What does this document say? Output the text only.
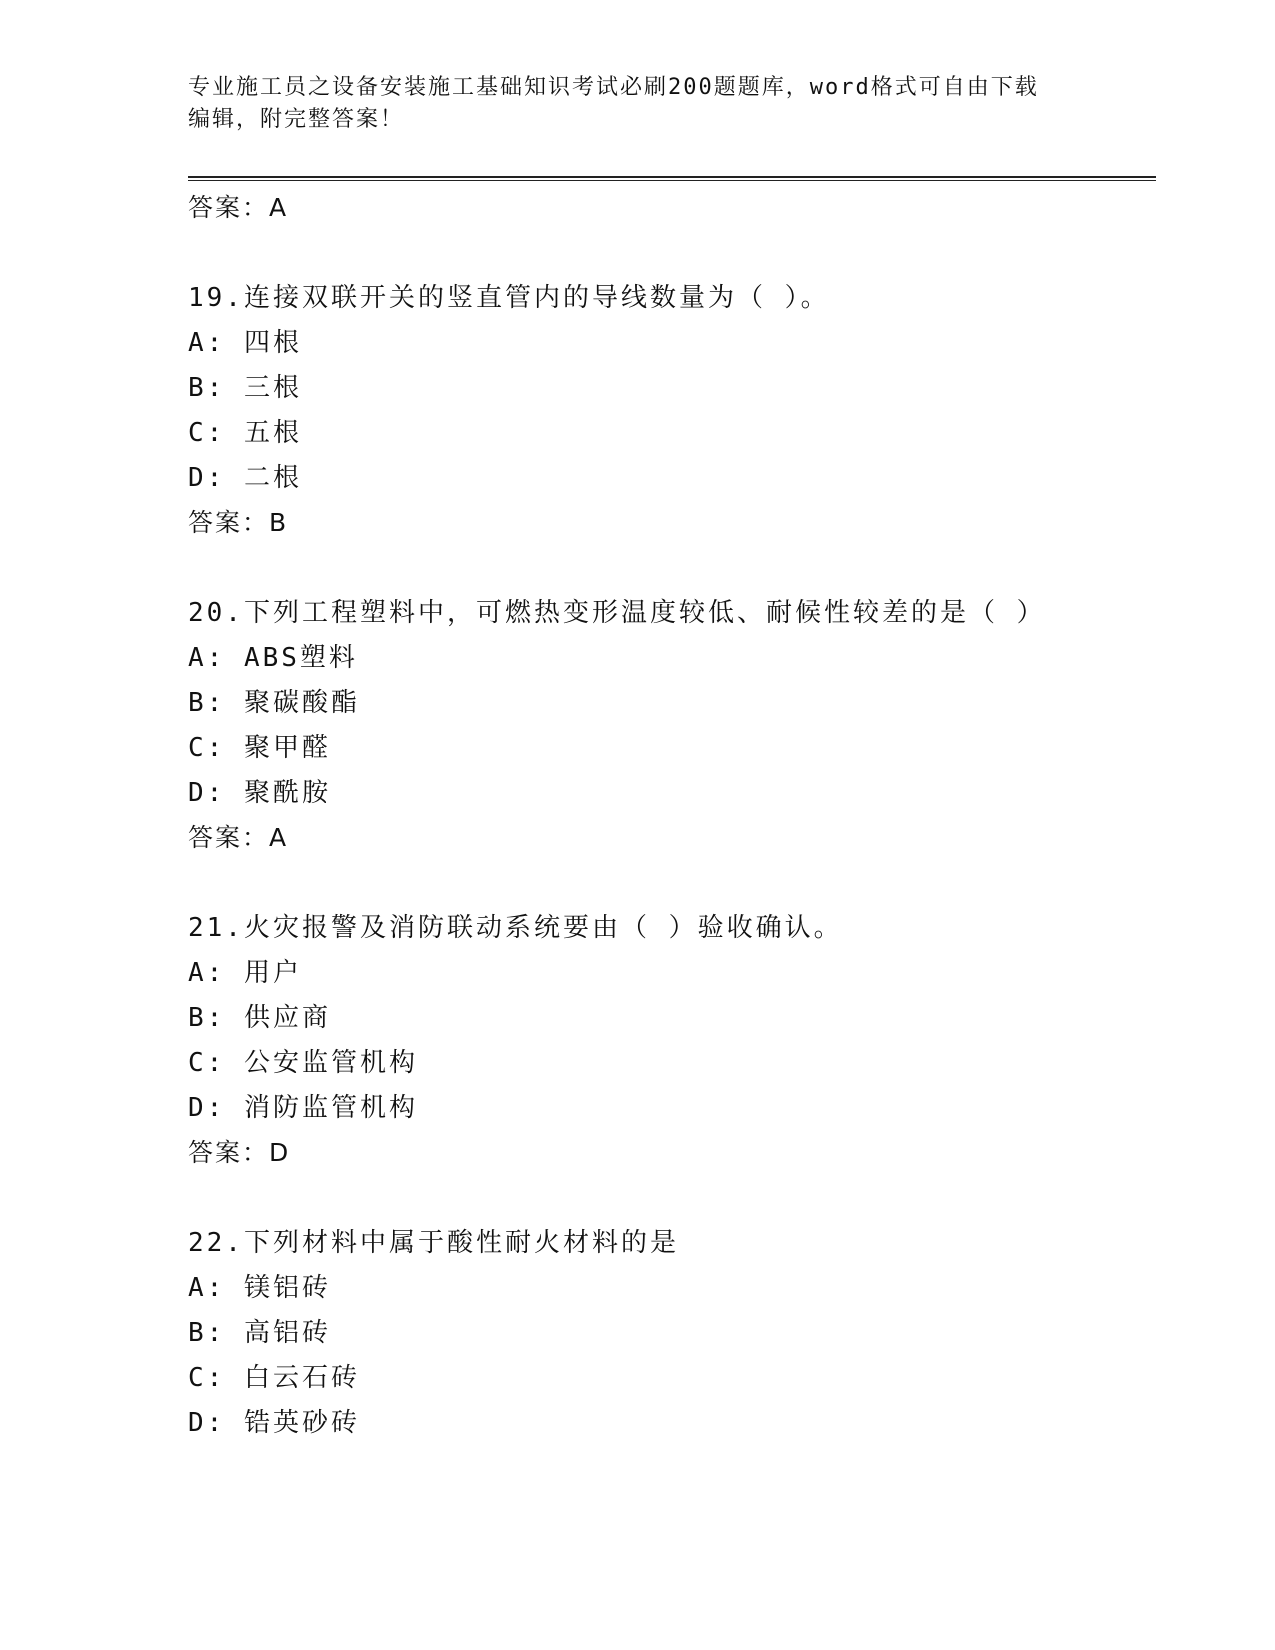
专业施工员之设备安装施工基础知识考试必刷200题题库，word格式可自由下载
编辑，附完整答案！
答案：A
19.连接双联开关的竖直管内的导线数量为（ ）。
A: 四根
B: 三根
C: 五根
D: 二根
答案：B
20.下列工程塑料中，可燃热变形温度较低、耐候性较差的是（ ）
A: ABS塑料
B: 聚碳酸酯
C: 聚甲醛
D: 聚酰胺
答案：A
21.火灾报警及消防联动系统要由（ ）验收确认。
A: 用户
B: 供应商
C: 公安监管机构
D: 消防监管机构
答案：D
22.下列材料中属于酸性耐火材料的是
A: 镁铝砖
B: 高铝砖
C: 白云石砖
D: 锆英砂砖
